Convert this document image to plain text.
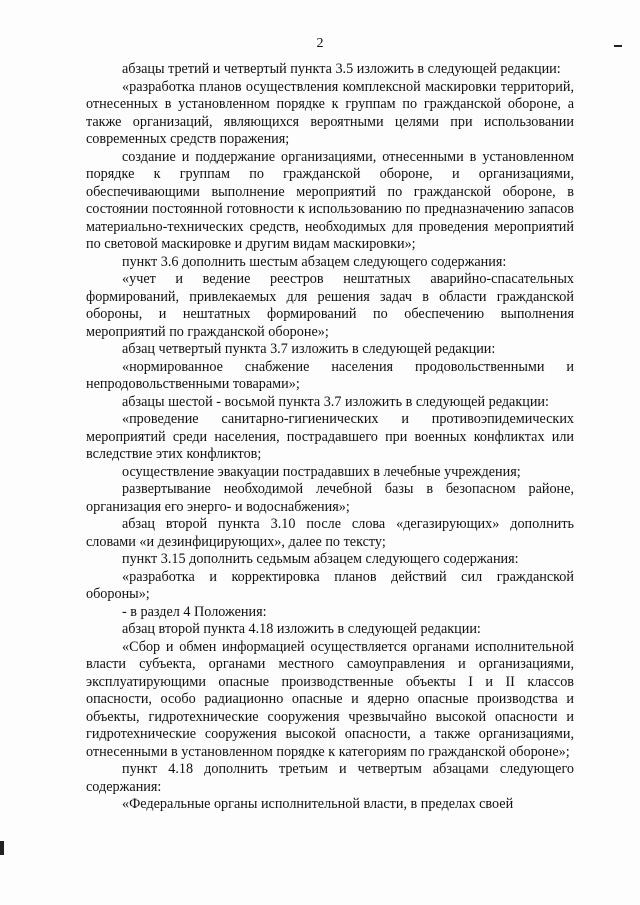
2

абзацы третий и четвертый пункта 3.5 изложить в следующей редакции:

«разработка планов осуществления комплексной маскировки территорий, отнесенных в установленном порядке к группам по гражданской обороне, а также организаций, являющихся вероятными целями при использовании современных средств поражения;

создание и поддержание организациями, отнесенными в установленном порядке к группам по гражданской обороне, и организациями, обеспечивающими выполнение мероприятий по гражданской обороне, в состоянии постоянной готовности к использованию по предназначению запасов материально-технических средств, необходимых для проведения мероприятий по световой маскировке и другим видам маскировки»;

пункт 3.6 дополнить шестым абзацем следующего содержания:

«учет и ведение реестров нештатных аварийно-спасательных формирований, привлекаемых для решения задач в области гражданской обороны, и нештатных формирований по обеспечению выполнения мероприятий по гражданской обороне»;

абзац четвертый пункта 3.7 изложить в следующей редакции:

«нормированное снабжение населения продовольственными и непродовольственными товарами»;

абзацы шестой - восьмой пункта 3.7 изложить в следующей редакции:

«проведение санитарно-гигиенических и противоэпидемических мероприятий среди населения, пострадавшего при военных конфликтах или вследствие этих конфликтов;

осуществление эвакуации пострадавших в лечебные учреждения;

развертывание необходимой лечебной базы в безопасном районе, организация его энерго- и водоснабжения»;

абзац второй пункта 3.10 после слова «дегазирующих» дополнить словами «и дезинфицирующих», далее по тексту;

пункт 3.15 дополнить седьмым абзацем следующего содержания:

«разработка и корректировка планов действий сил гражданской обороны»;

- в раздел 4 Положения:

абзац второй пункта 4.18 изложить в следующей редакции:

«Сбор и обмен информацией осуществляется органами исполнительной власти субъекта, органами местного самоуправления и организациями, эксплуатирующими опасные производственные объекты I и II классов опасности, особо радиационно опасные и ядерно опасные производства и объекты, гидротехнические сооружения чрезвычайно высокой опасности и гидротехнические сооружения высокой опасности, а также организациями, отнесенными в установленном порядке к категориям по гражданской обороне»;

пункт 4.18 дополнить третьим и четвертым абзацами следующего содержания:

«Федеральные органы исполнительной власти, в пределах своей
